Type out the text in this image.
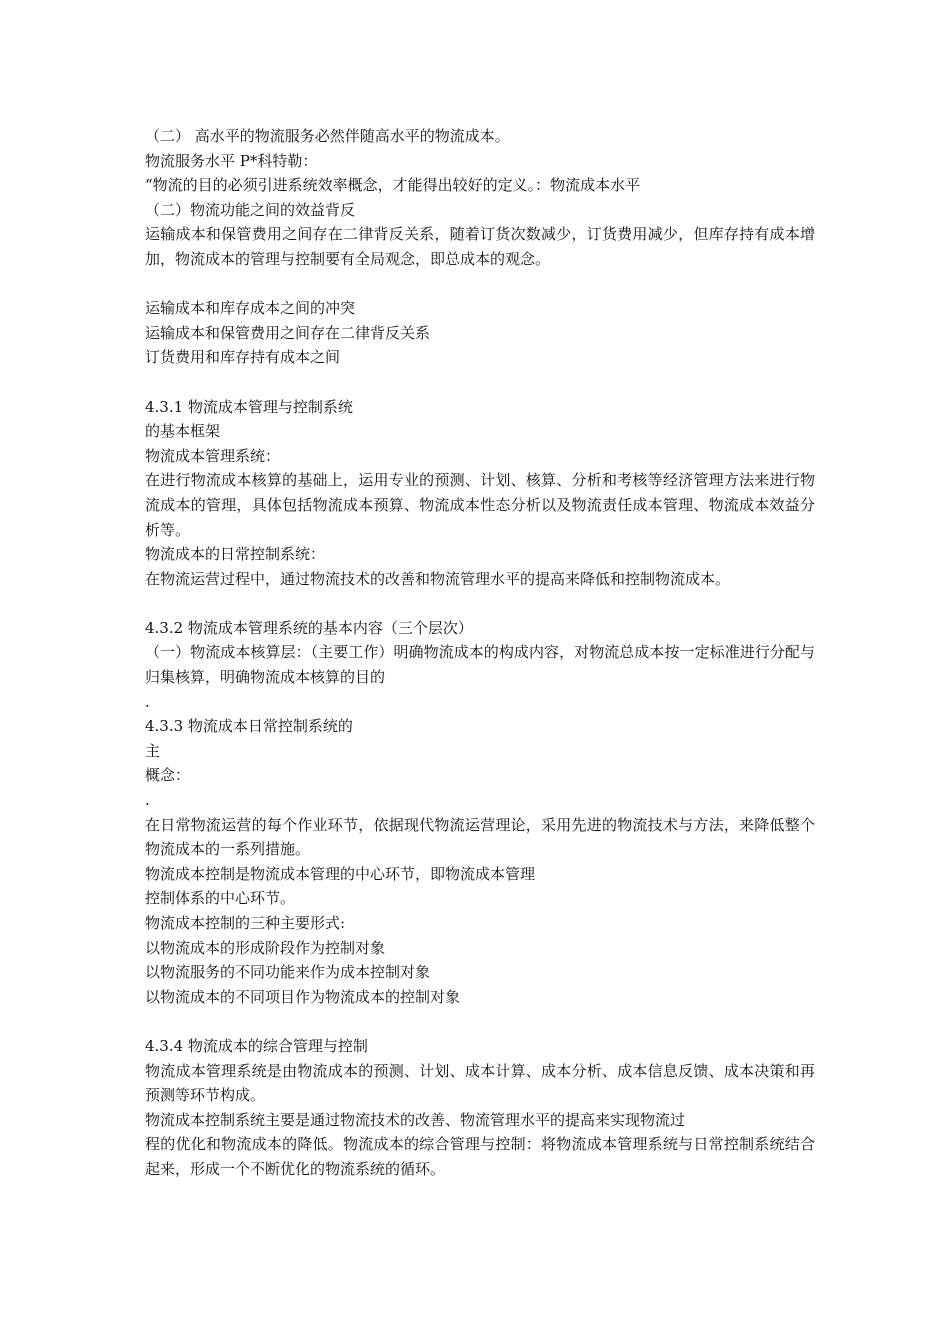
（二） 高水平的物流服务必然伴随高水平的物流成本。
物流服务水平 P*科特勒：
“物流的目的必须引进系统效率概念，才能得出较好的定义。：物流成本水平
（二）物流功能之间的效益背反
运输成本和保管费用之间存在二律背反关系，随着订货次数减少，订货费用减少，但库存持有成本增加，物流成本的管理与控制要有全局观念，即总成本的观念。
运输成本和库存成本之间的冲突
运输成本和保管费用之间存在二律背反关系
订货费用和库存持有成本之间
4.3.1 物流成本管理与控制系统
的基本框架
物流成本管理系统：
在进行物流成本核算的基础上，运用专业的预测、计划、核算、分析和考核等经济管理方法来进行物流成本的管理，具体包括物流成本预算、物流成本性态分析以及物流责任成本管理、物流成本效益分析等。
物流成本的日常控制系统：
在物流运营过程中，通过物流技术的改善和物流管理水平的提高来降低和控制物流成本。
4.3.2 物流成本管理系统的基本内容（三个层次）
（一）物流成本核算层：（主要工作）明确物流成本的构成内容，对物流总成本按一定标准进行分配与归集核算，明确物流成本核算的目的
.
4.3.3 物流成本日常控制系统的
主
概念：
.
在日常物流运营的每个作业环节，依据现代物流运营理论，采用先进的物流技术与方法，来降低整个物流成本的一系列措施。
物流成本控制是物流成本管理的中心环节，即物流成本管理
控制体系的中心环节。
物流成本控制的三种主要形式:
以物流成本的形成阶段作为控制对象
以物流服务的不同功能来作为成本控制对象
以物流成本的不同项目作为物流成本的控制对象
4.3.4 物流成本的综合管理与控制
物流成本管理系统是由物流成本的预测、计划、成本计算、成本分析、成本信息反馈、成本决策和再预测等环节构成。
物流成本控制系统主要是通过物流技术的改善、物流管理水平的提高来实现物流过
程的优化和物流成本的降低。物流成本的综合管理与控制：将物流成本管理系统与日常控制系统结合起来，形成一个不断优化的物流系统的循环。
